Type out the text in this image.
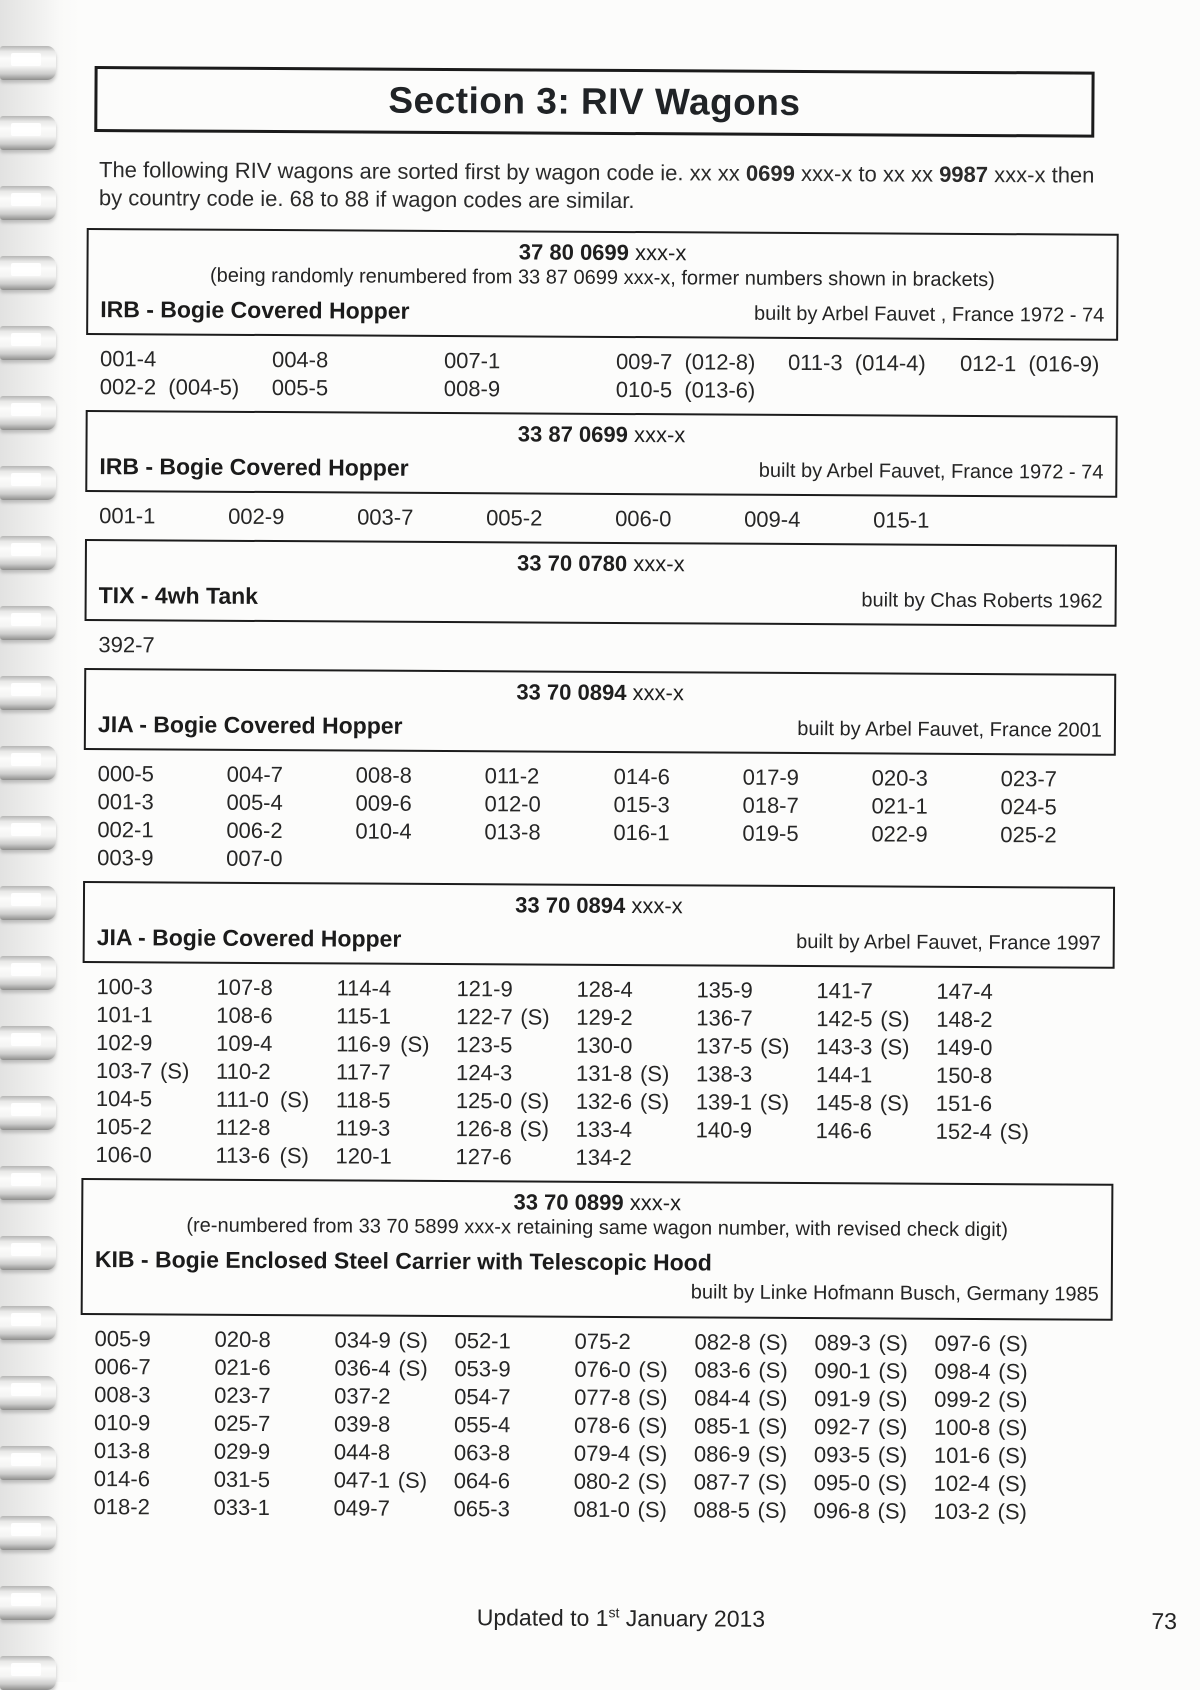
Section 3: RIV Wagons

The following RIV wagons are sorted first by wagon code ie. xx xx 0699 xxx-x to xx xx 9987 xxx-x then by country code ie. 68 to 88 if wagon codes are similar.

37 80 0699 xxx-x
(being randomly renumbered from 33 87 0699 xxx-x, former numbers shown in brackets)
IRB - Bogie Covered Hopper	built by Arbel Fauvet , France 1972 - 74
001-4	004-8	007-1	009-7  (012-8)	011-3  (014-4)	012-1  (016-9)
002-2  (004-5)	005-5	008-9	010-5  (013-6)
33 87 0699 xxx-x
IRB - Bogie Covered Hopper	built by Arbel Fauvet, France 1972 - 74
001-1	002-9	003-7	005-2	006-0	009-4	015-1
33 70 0780 xxx-x
TIX - 4wh Tank	built by Chas Roberts 1962
392-7
33 70 0894 xxx-x
JIA - Bogie Covered Hopper	built by Arbel Fauvet, France 2001
000-5	004-7	008-8	011-2	014-6	017-9	020-3	023-7
001-3	005-4	009-6	012-0	015-3	018-7	021-1	024-5
002-1	006-2	010-4	013-8	016-1	019-5	022-9	025-2
003-9	007-0
33 70 0894 xxx-x
JIA - Bogie Covered Hopper	built by Arbel Fauvet, France 1997
100-3	107-8	114-4	121-9	128-4	135-9	141-7	147-4
101-1	108-6	115-1	122-7 (S)	129-2	136-7	142-5 (S)	148-2
102-9	109-4	116-9 (S)	123-5	130-0	137-5 (S)	143-3 (S)	149-0
103-7 (S)	110-2	117-7	124-3	131-8 (S)	138-3	144-1	150-8
104-5	111-0 (S)	118-5	125-0 (S)	132-6 (S)	139-1 (S)	145-8 (S)	151-6
105-2	112-8	119-3	126-8 (S)	133-4	140-9	146-6	152-4 (S)
106-0	113-6 (S)	120-1	127-6	134-2
33 70 0899 xxx-x
(re-numbered from 33 70 5899 xxx-x retaining same wagon number, with revised check digit)
KIB - Bogie Enclosed Steel Carrier with Telescopic Hood
built by Linke Hofmann Busch, Germany 1985
005-9	020-8	034-9 (S)	052-1	075-2	082-8 (S)	089-3 (S)	097-6 (S)
006-7	021-6	036-4 (S)	053-9	076-0 (S)	083-6 (S)	090-1 (S)	098-4 (S)
008-3	023-7	037-2	054-7	077-8 (S)	084-4 (S)	091-9 (S)	099-2 (S)
010-9	025-7	039-8	055-4	078-6 (S)	085-1 (S)	092-7 (S)	100-8 (S)
013-8	029-9	044-8	063-8	079-4 (S)	086-9 (S)	093-5 (S)	101-6 (S)
014-6	031-5	047-1 (S)	064-6	080-2 (S)	087-7 (S)	095-0 (S)	102-4 (S)
018-2	033-1	049-7	065-3	081-0 (S)	088-5 (S)	096-8 (S)	103-2 (S)
Updated to 1st January 2013	73
